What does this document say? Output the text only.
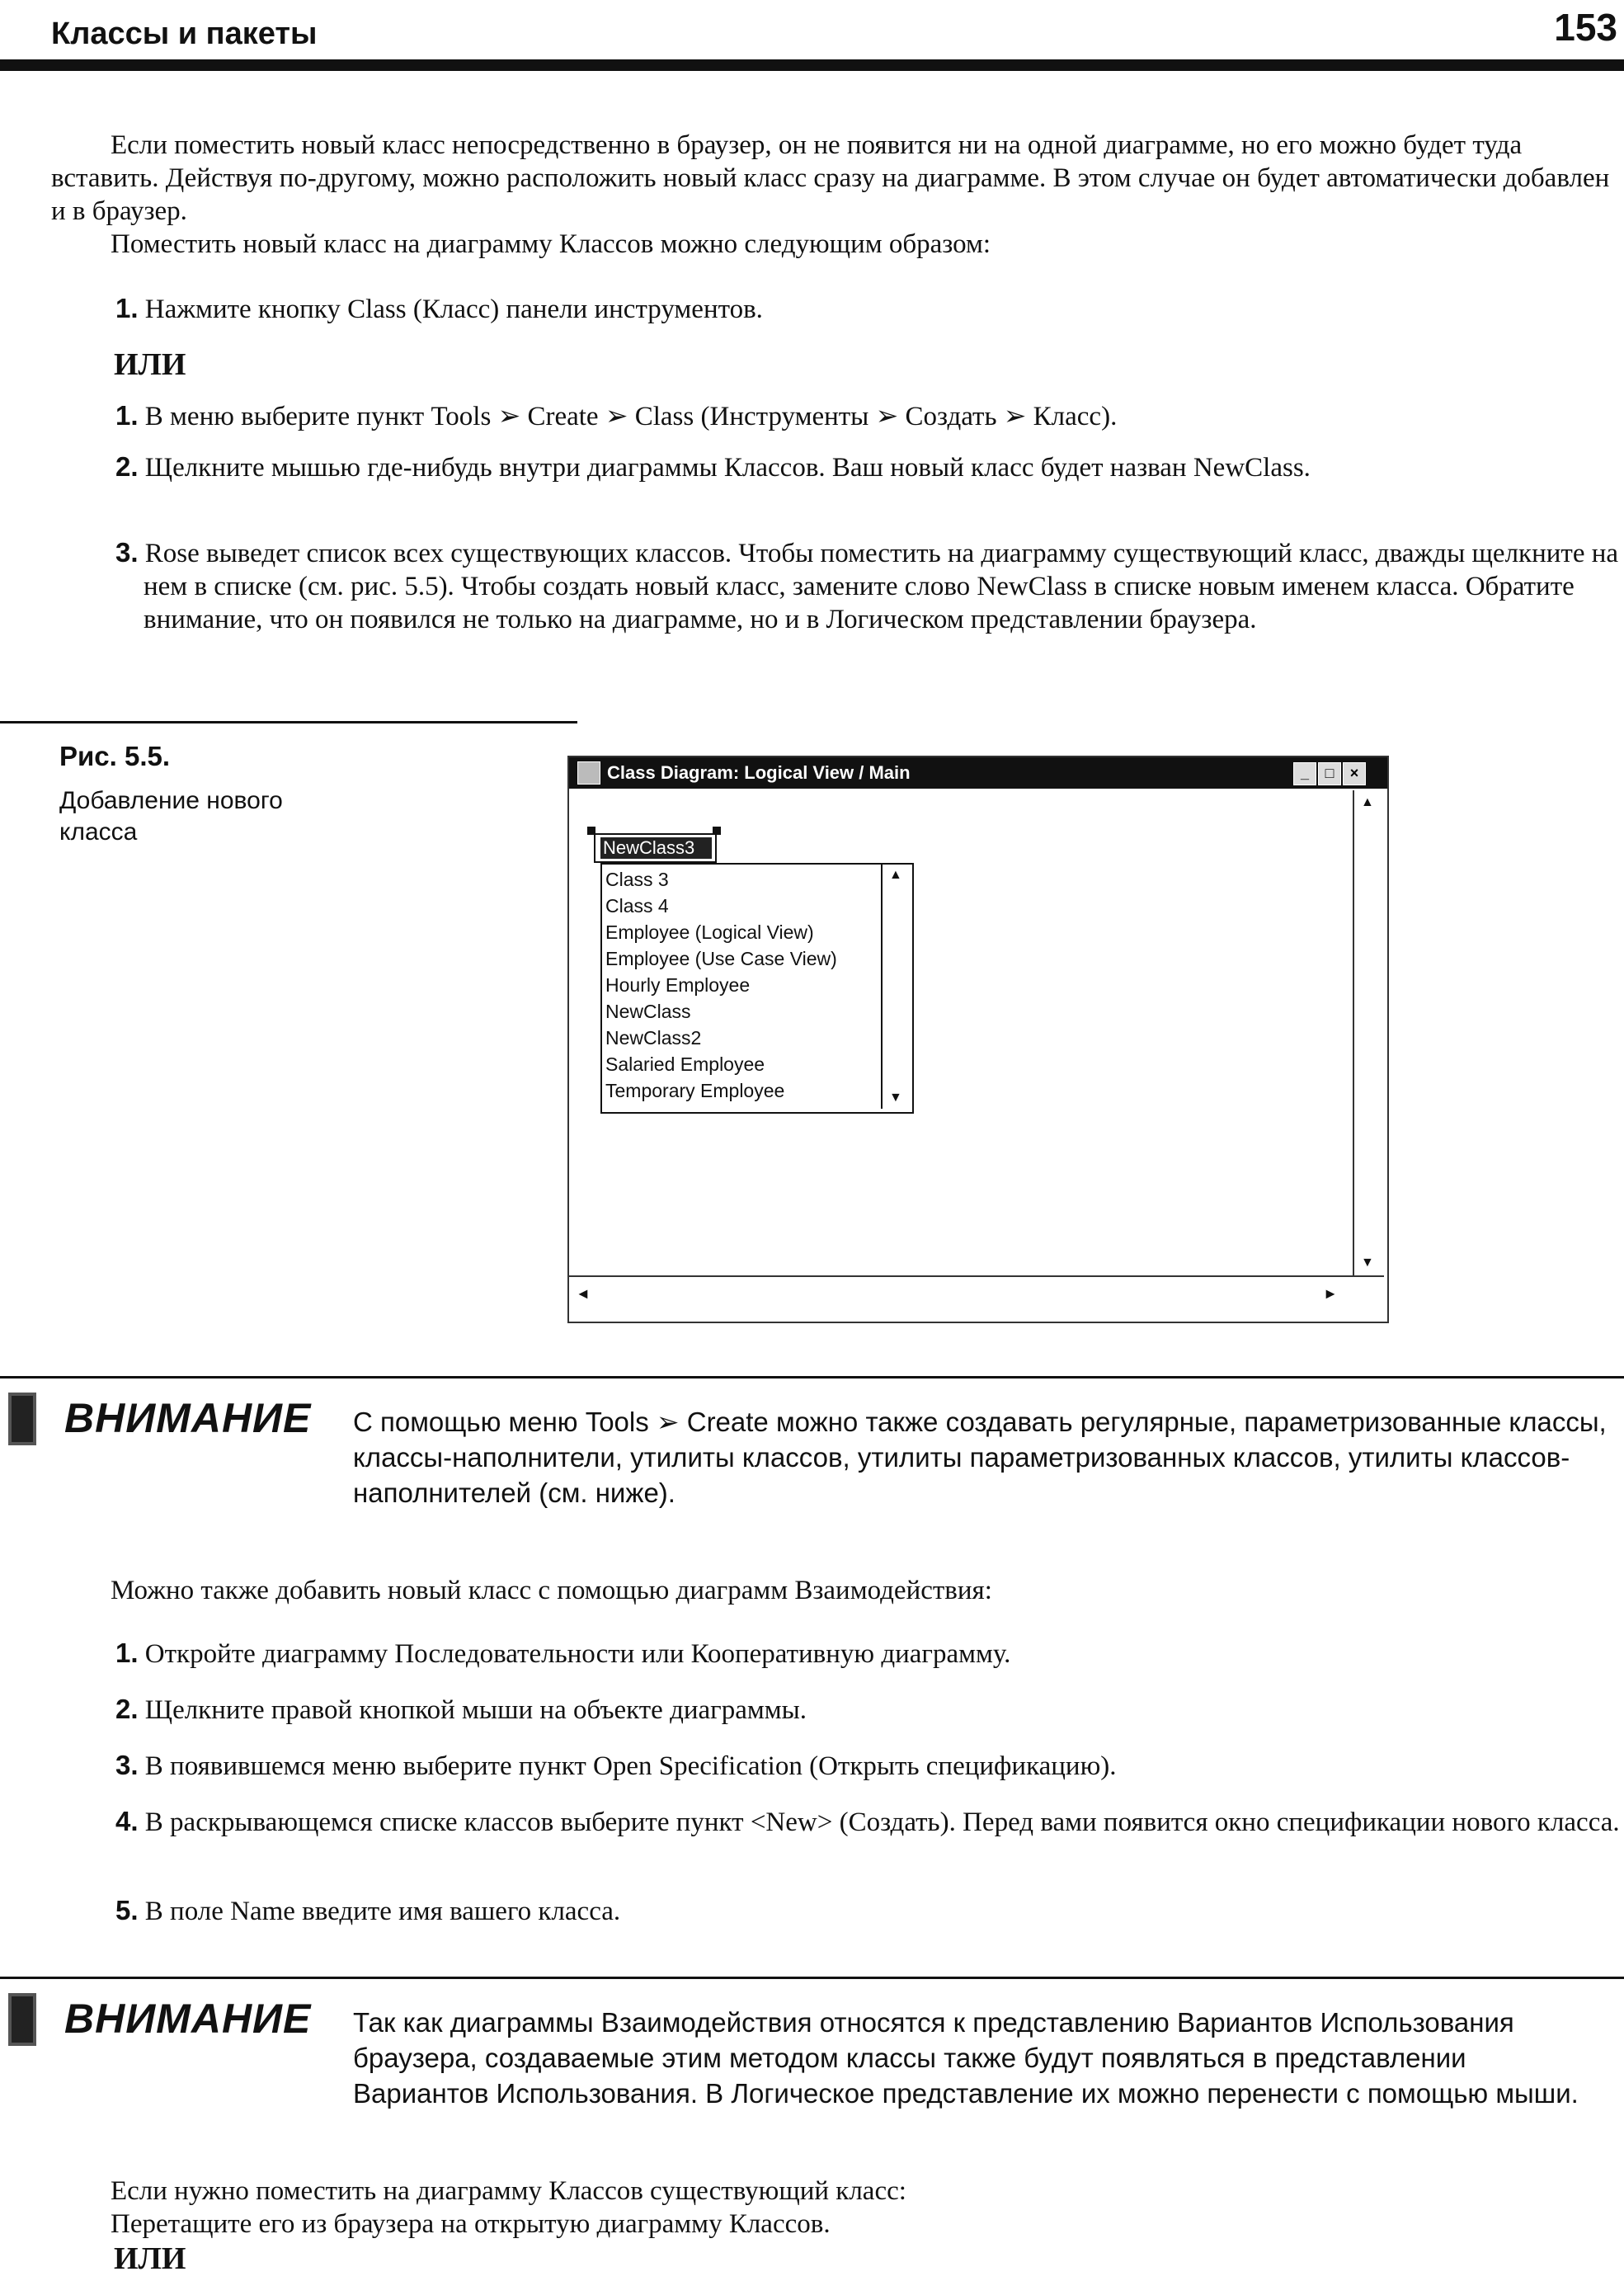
Классы и пакеты	153
Если поместить новый класс непосредственно в браузер, он не появится ни на одной диаграмме, но его можно будет туда вставить. Действуя по-другому, можно расположить новый класс сразу на диаграмме. В этом случае он будет автоматически добавлен и в браузер.
Поместить новый класс на диаграмму Классов можно следующим образом:
1. Нажмите кнопку Class (Класс) панели инструментов.
ИЛИ
1. В меню выберите пункт Tools ➢ Create ➢ Class (Инструменты ➢ Создать ➢ Класс).
2. Щелкните мышью где-нибудь внутри диаграммы Классов. Ваш новый класс будет назван NewClass.
3. Rose выведет список всех существующих классов. Чтобы поместить на диаграмму существующий класс, дважды щелкните на нем в списке (см. рис. 5.5). Чтобы создать новый класс, замените слово NewClass в списке новым именем класса. Обратите внимание, что он появился не только на диаграмме, но и в Логическом представлении браузера.
Рис. 5.5.
Добавление нового класса
Class Diagram: Logical View / Main	_	□	×
▲
▼
◄	►
NewClass3
Class 3
Class 4
Employee (Logical View)
Employee (Use Case View)
Hourly Employee
NewClass
NewClass2
Salaried Employee
Temporary Employee
▲
▼
ВНИМАНИЕ С помощью меню Tools ➢ Create можно также создавать регулярные, параметризованные классы, классы-наполнители, утилиты классов, утилиты параметризованных классов, утилиты классов-наполнителей (см. ниже).
Можно также добавить новый класс с помощью диаграмм Взаимодействия:
1. Откройте диаграмму Последовательности или Кооперативную диаграмму.
2. Щелкните правой кнопкой мыши на объекте диаграммы.
3. В появившемся меню выберите пункт Open Specification (Открыть спецификацию).
4. В раскрывающемся списке классов выберите пункт <New> (Создать). Перед вами появится окно спецификации нового класса.
5. В поле Name введите имя вашего класса.
ВНИМАНИЕ Так как диаграммы Взаимодействия относятся к представлению Вариантов Использования браузера, создаваемые этим методом классы также будут появляться в представлении Вариантов Использования. В Логическое представление их можно перенести с помощью мыши.
Если нужно поместить на диаграмму Классов существующий класс:
Перетащите его из браузера на открытую диаграмму Классов.
ИЛИ
